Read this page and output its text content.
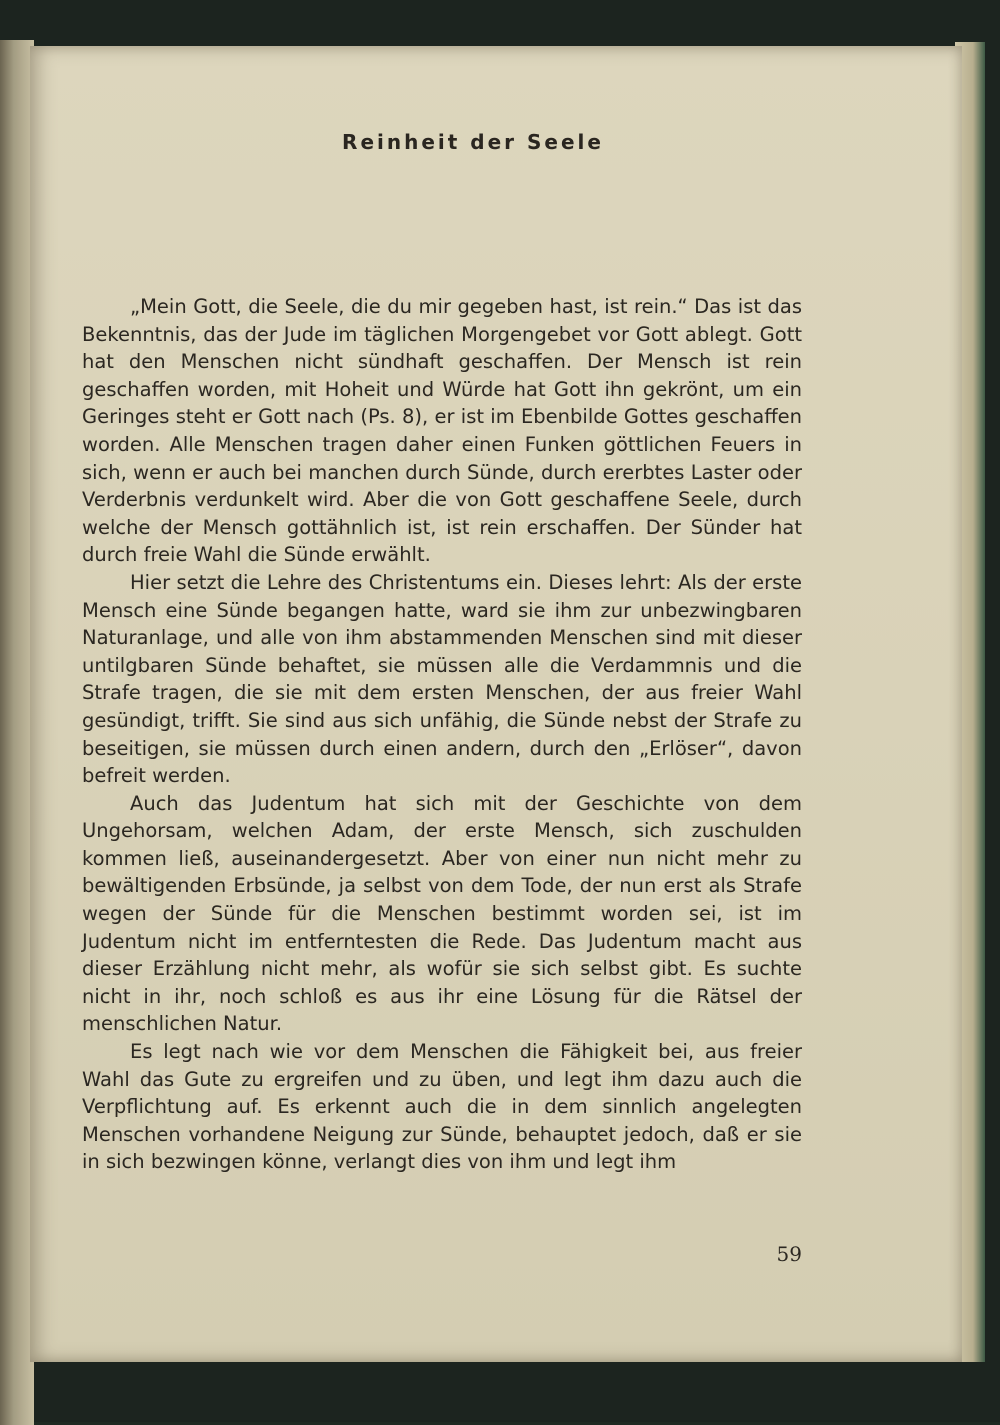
Reinheit der Seele

„Mein Gott, die Seele, die du mir gegeben hast, ist rein.“ Das ist das Bekenntnis, das der Jude im täglichen Morgengebet vor Gott ablegt. Gott hat den Menschen nicht sündhaft geschaffen. Der Mensch ist rein geschaffen worden, mit Hoheit und Würde hat Gott ihn gekrönt, um ein Geringes steht er Gott nach (Ps. 8), er ist im Ebenbilde Gottes geschaffen worden. Alle Menschen tragen daher einen Funken göttlichen Feuers in sich, wenn er auch bei manchen durch Sünde, durch ererbtes Laster oder Verderbnis verdunkelt wird. Aber die von Gott geschaffene Seele, durch welche der Mensch gottähnlich ist, ist rein erschaffen. Der Sünder hat durch freie Wahl die Sünde erwählt.

Hier setzt die Lehre des Christentums ein. Dieses lehrt: Als der erste Mensch eine Sünde begangen hatte, ward sie ihm zur unbezwingbaren Naturanlage, und alle von ihm abstammenden Menschen sind mit dieser untilgbaren Sünde behaftet, sie müssen alle die Verdammnis und die Strafe tragen, die sie mit dem ersten Menschen, der aus freier Wahl gesündigt, trifft. Sie sind aus sich unfähig, die Sünde nebst der Strafe zu beseitigen, sie müssen durch einen andern, durch den „Erlöser“, davon befreit werden.

Auch das Judentum hat sich mit der Geschichte von dem Ungehorsam, welchen Adam, der erste Mensch, sich zuschulden kommen ließ, auseinandergesetzt. Aber von einer nun nicht mehr zu bewältigenden Erbsünde, ja selbst von dem Tode, der nun erst als Strafe wegen der Sünde für die Menschen bestimmt worden sei, ist im Judentum nicht im entferntesten die Rede. Das Judentum macht aus dieser Erzählung nicht mehr, als wofür sie sich selbst gibt. Es suchte nicht in ihr, noch schloß es aus ihr eine Lösung für die Rätsel der menschlichen Natur.

Es legt nach wie vor dem Menschen die Fähigkeit bei, aus freier Wahl das Gute zu ergreifen und zu üben, und legt ihm dazu auch die Verpflichtung auf. Es erkennt auch die in dem sinnlich angelegten Menschen vorhandene Neigung zur Sünde, behauptet jedoch, daß er sie in sich bezwingen könne, verlangt dies von ihm und legt ihm

59
